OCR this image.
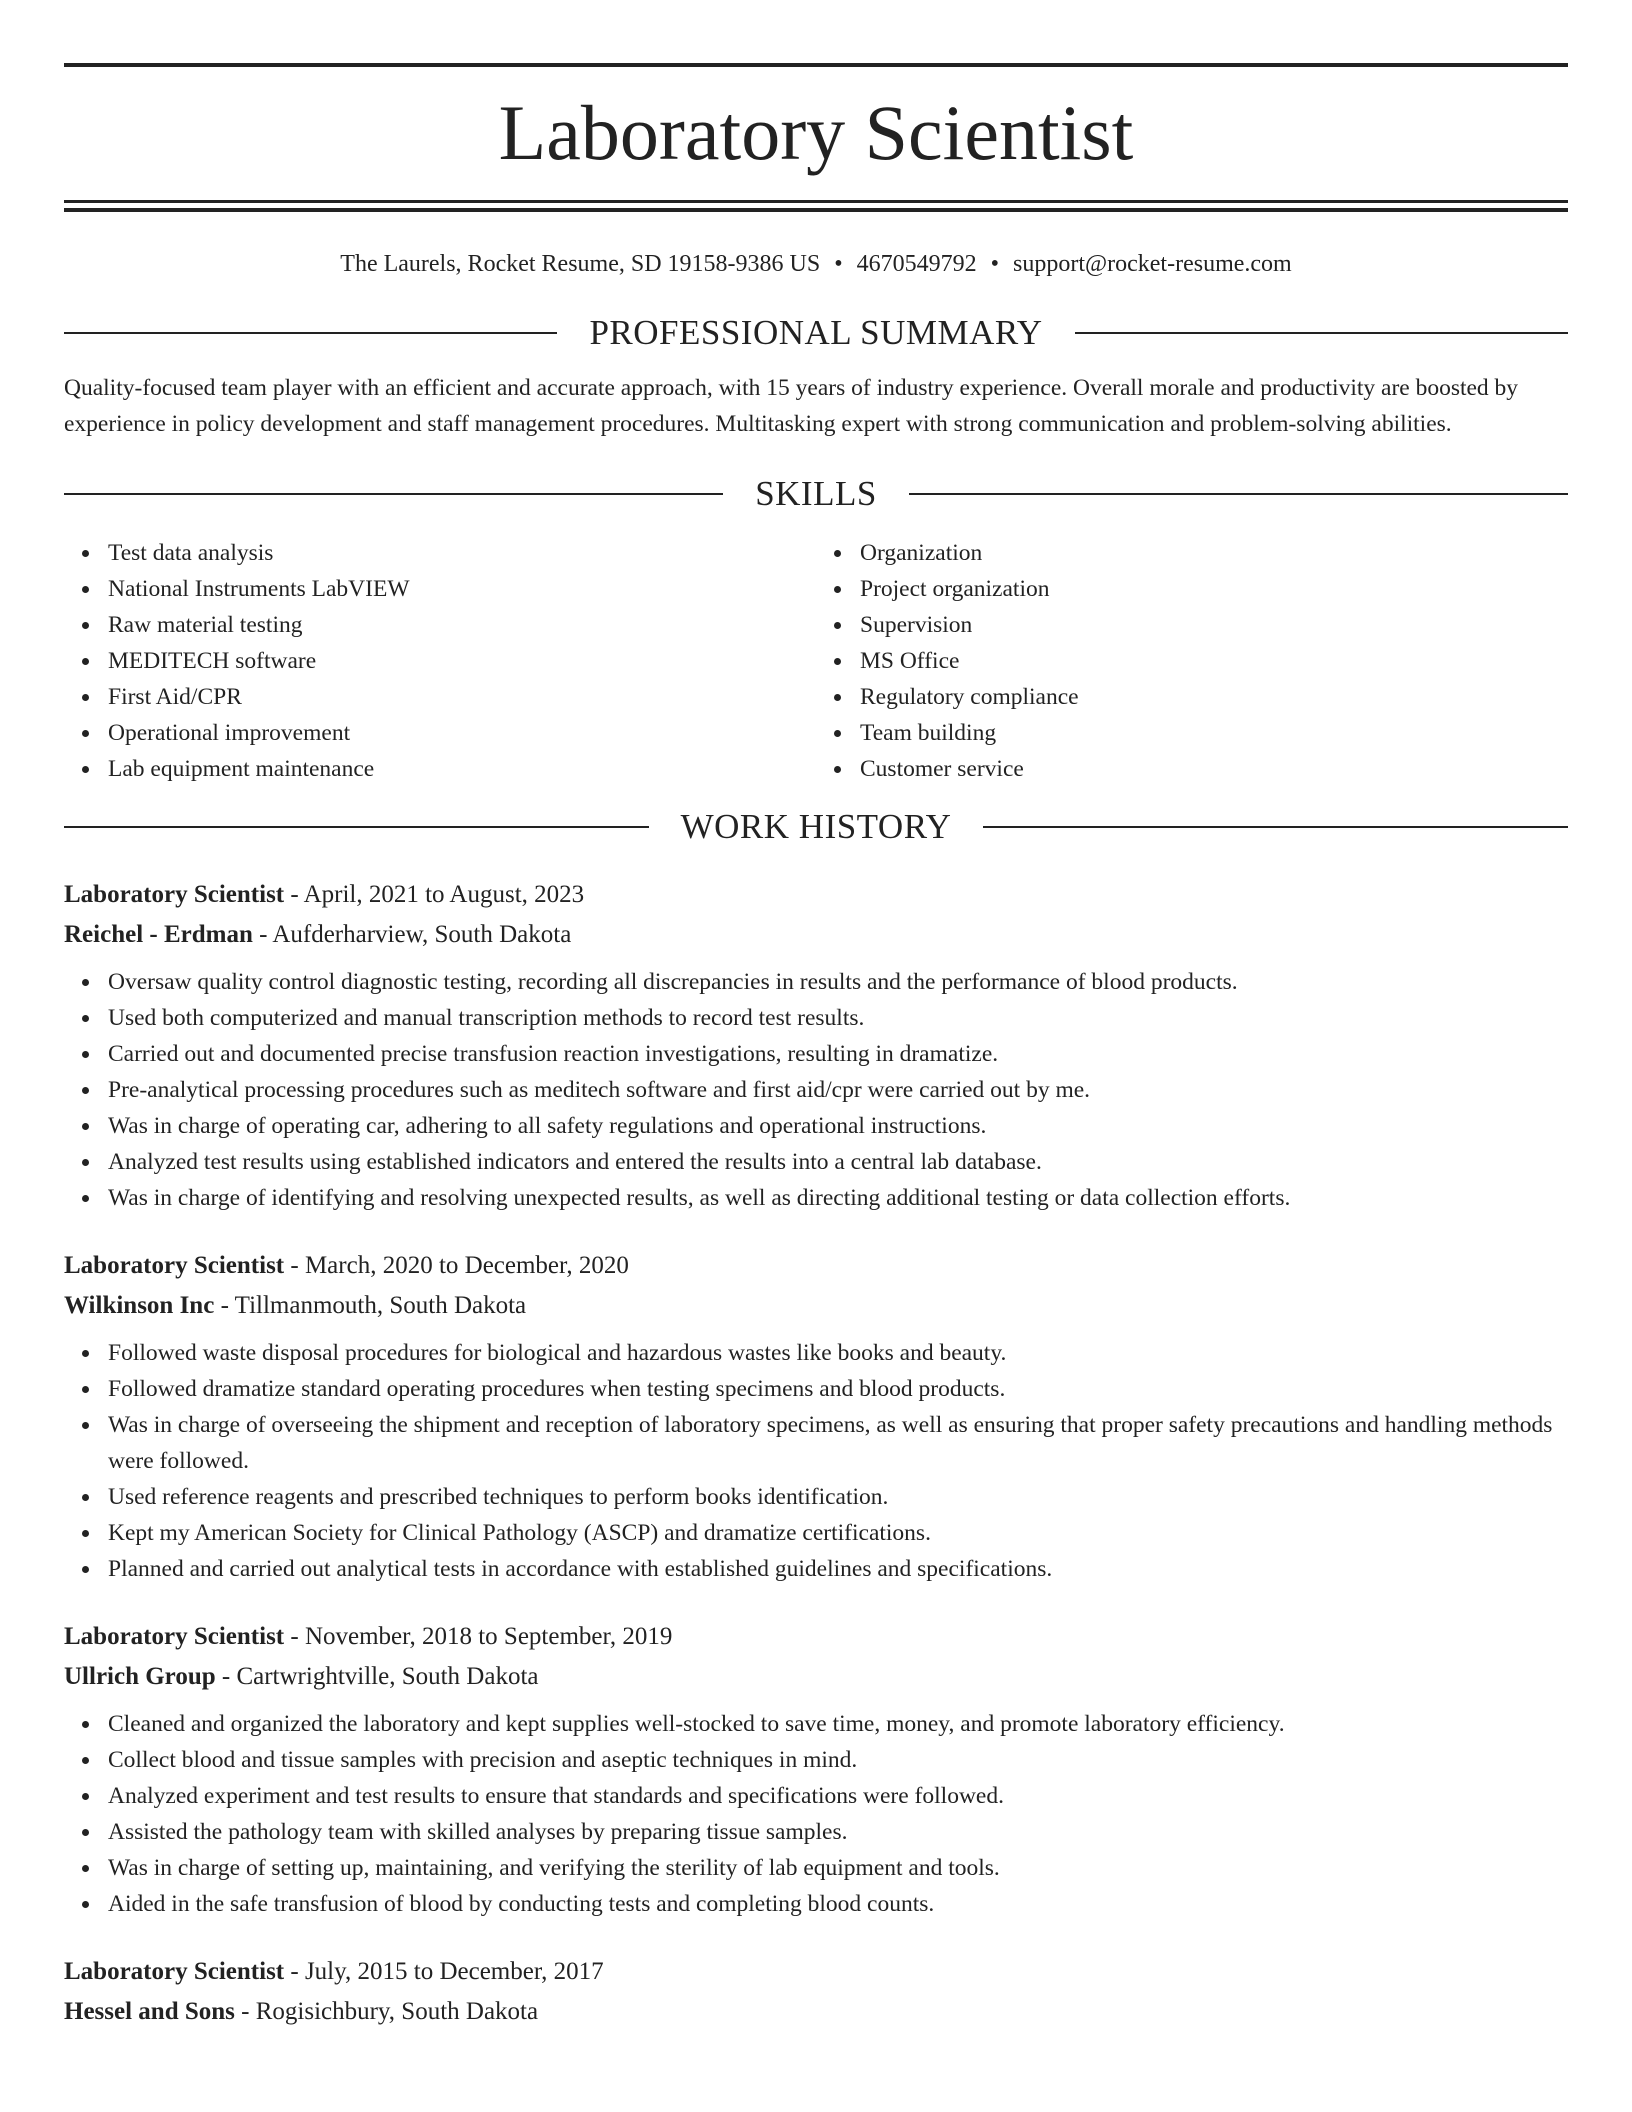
Laboratory Scientist
The Laurels, Rocket Resume, SD 19158-9386 US • 4670549792 • support@rocket-resume.com
PROFESSIONAL SUMMARY
Quality-focused team player with an efficient and accurate approach, with 15 years of industry experience. Overall morale and productivity are boosted by experience in policy development and staff management procedures. Multitasking expert with strong communication and problem-solving abilities.
SKILLS
Test data analysis
National Instruments LabVIEW
Raw material testing
MEDITECH software
First Aid/CPR
Operational improvement
Lab equipment maintenance
Organization
Project organization
Supervision
MS Office
Regulatory compliance
Team building
Customer service
WORK HISTORY
Laboratory Scientist - April, 2021 to August, 2023
Reichel - Erdman - Aufderharview, South Dakota
Oversaw quality control diagnostic testing, recording all discrepancies in results and the performance of blood products.
Used both computerized and manual transcription methods to record test results.
Carried out and documented precise transfusion reaction investigations, resulting in dramatize.
Pre-analytical processing procedures such as meditech software and first aid/cpr were carried out by me.
Was in charge of operating car, adhering to all safety regulations and operational instructions.
Analyzed test results using established indicators and entered the results into a central lab database.
Was in charge of identifying and resolving unexpected results, as well as directing additional testing or data collection efforts.
Laboratory Scientist - March, 2020 to December, 2020
Wilkinson Inc - Tillmanmouth, South Dakota
Followed waste disposal procedures for biological and hazardous wastes like books and beauty.
Followed dramatize standard operating procedures when testing specimens and blood products.
Was in charge of overseeing the shipment and reception of laboratory specimens, as well as ensuring that proper safety precautions and handling methods were followed.
Used reference reagents and prescribed techniques to perform books identification.
Kept my American Society for Clinical Pathology (ASCP) and dramatize certifications.
Planned and carried out analytical tests in accordance with established guidelines and specifications.
Laboratory Scientist - November, 2018 to September, 2019
Ullrich Group - Cartwrightville, South Dakota
Cleaned and organized the laboratory and kept supplies well-stocked to save time, money, and promote laboratory efficiency.
Collect blood and tissue samples with precision and aseptic techniques in mind.
Analyzed experiment and test results to ensure that standards and specifications were followed.
Assisted the pathology team with skilled analyses by preparing tissue samples.
Was in charge of setting up, maintaining, and verifying the sterility of lab equipment and tools.
Aided in the safe transfusion of blood by conducting tests and completing blood counts.
Laboratory Scientist - July, 2015 to December, 2017
Hessel and Sons - Rogisichbury, South Dakota
